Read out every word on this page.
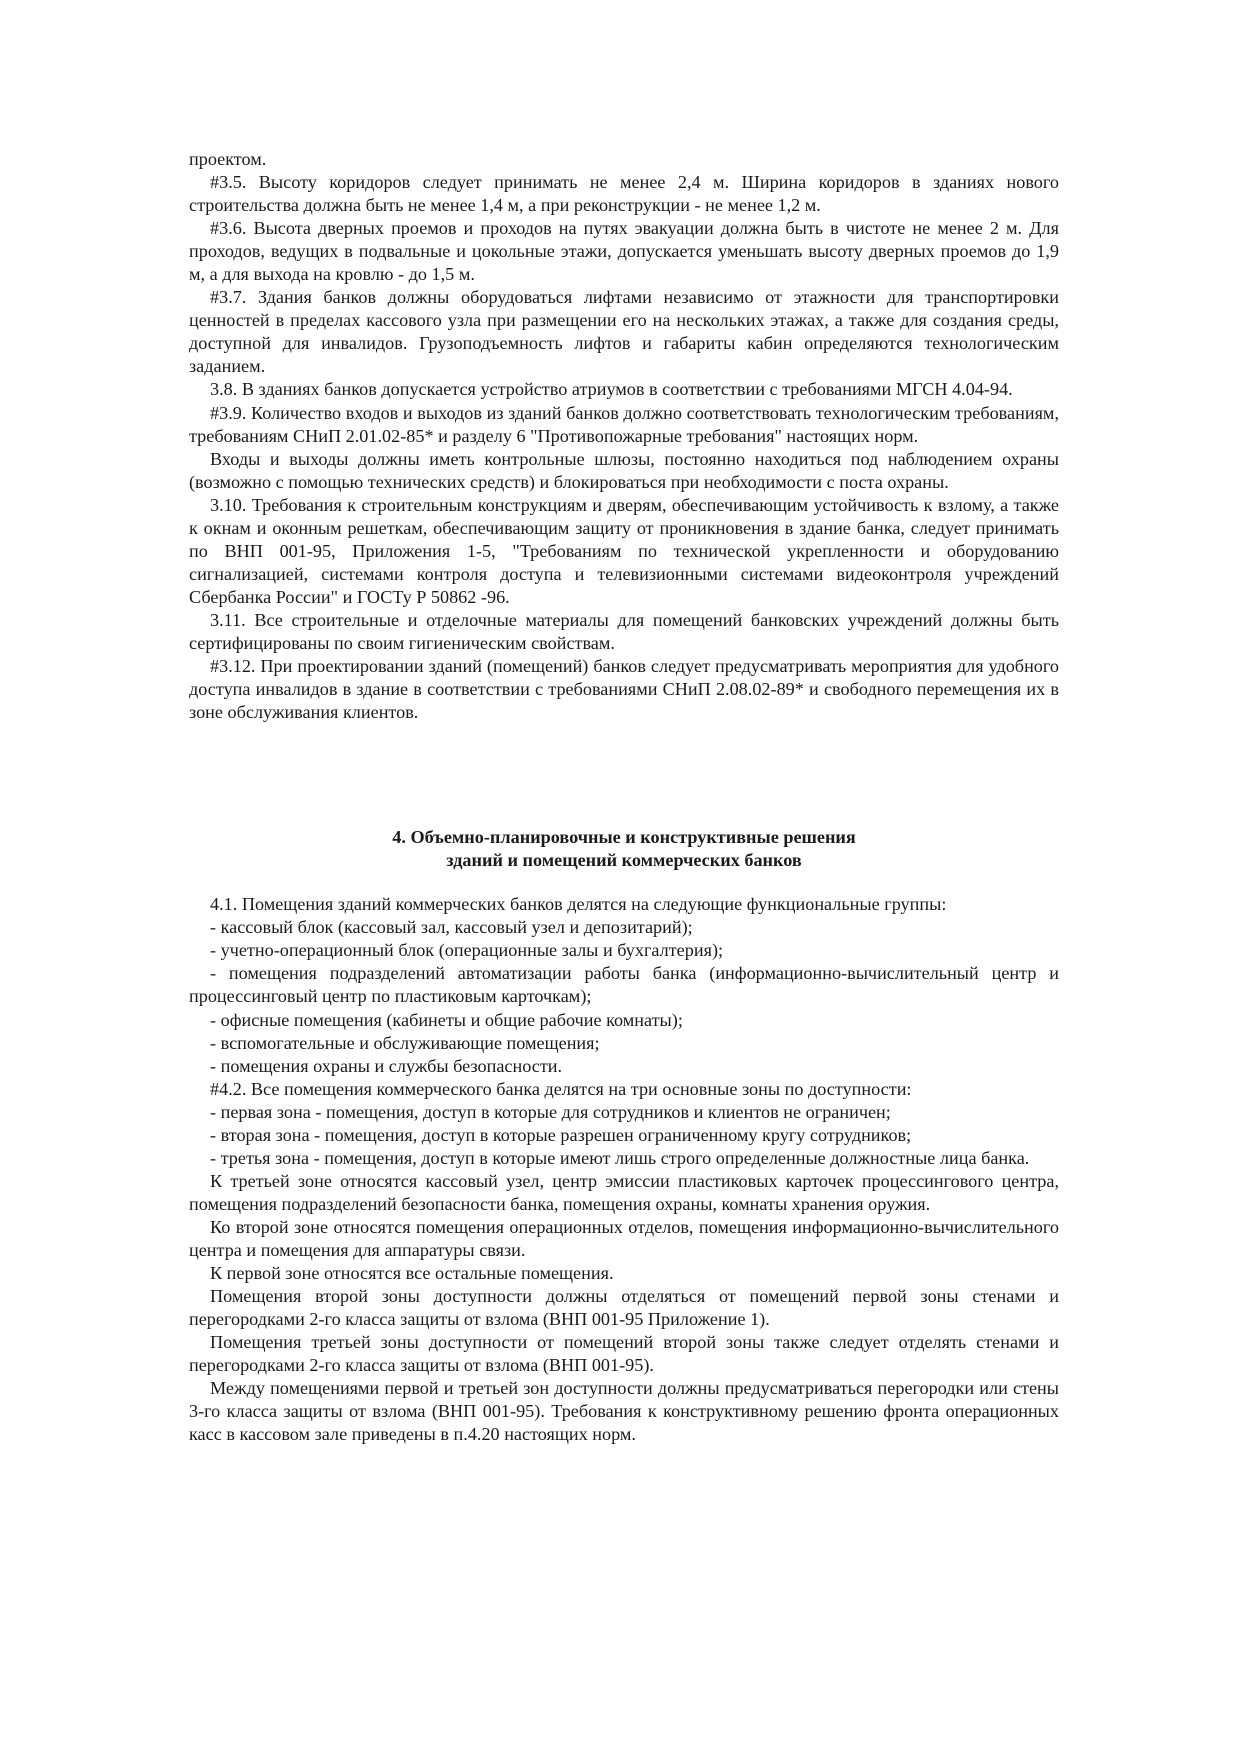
проектом.

#3.5. Высоту коридоров следует принимать не менее 2,4 м. Ширина коридоров в зданиях нового строительства должна быть не менее 1,4 м, а при реконструкции - не менее 1,2 м.

#3.6. Высота дверных проемов и проходов на путях эвакуации должна быть в чистоте не менее 2 м. Для проходов, ведущих в подвальные и цокольные этажи, допускается уменьшать высоту дверных проемов до 1,9 м, а для выхода на кровлю - до 1,5 м.

#3.7. Здания банков должны оборудоваться лифтами независимо от этажности для транспортировки ценностей в пределах кассового узла при размещении его на нескольких этажах, а также для создания среды, доступной для инвалидов. Грузоподъемность лифтов и габариты кабин определяются технологическим заданием.

3.8. В зданиях банков допускается устройство атриумов в соответствии с требованиями МГСН 4.04-94.

#3.9. Количество входов и выходов из зданий банков должно соответствовать технологическим требованиям, требованиям СНиП 2.01.02-85* и разделу 6 "Противопожарные требования" настоящих норм.

Входы и выходы должны иметь контрольные шлюзы, постоянно находиться под наблюдением охраны (возможно с помощью технических средств) и блокироваться при необходимости с поста охраны.

3.10. Требования к строительным конструкциям и дверям, обеспечивающим устойчивость к взлому, а также к окнам и оконным решеткам, обеспечивающим защиту от проникновения в здание банка, следует принимать по ВНП 001-95, Приложения 1-5, "Требованиям по технической укрепленности и оборудованию сигнализацией, системами контроля доступа и телевизионными системами видеоконтроля учреждений Сбербанка России" и ГОСТу Р 50862 -96.

3.11. Все строительные и отделочные материалы для помещений банковских учреждений должны быть сертифицированы по своим гигиеническим свойствам.

#3.12. При проектировании зданий (помещений) банков следует предусматривать мероприятия для удобного доступа инвалидов в здание в соответствии с требованиями СНиП 2.08.02-89* и свободного перемещения их в зоне обслуживания клиентов.

4. Объемно-планировочные и конструктивные решения
зданий и помещений коммерческих банков

4.1. Помещения зданий коммерческих банков делятся на следующие функциональные группы:

- кассовый блок (кассовый зал, кассовый узел и депозитарий);

- учетно-операционный блок (операционные залы и бухгалтерия);

- помещения подразделений автоматизации работы банка (информационно-вычислительный центр и процессинговый центр по пластиковым карточкам);

- офисные помещения (кабинеты и общие рабочие комнаты);

- вспомогательные и обслуживающие помещения;

- помещения охраны и службы безопасности.

#4.2. Все помещения коммерческого банка делятся на три основные зоны по доступности:

- первая зона - помещения, доступ в которые для сотрудников и клиентов не ограничен;

- вторая зона - помещения, доступ в которые разрешен ограниченному кругу сотрудников;

- третья зона - помещения, доступ в которые имеют лишь строго определенные должностные лица банка.

К третьей зоне относятся кассовый узел, центр эмиссии пластиковых карточек процессингового центра, помещения подразделений безопасности банка, помещения охраны, комнаты хранения оружия.

Ко второй зоне относятся помещения операционных отделов, помещения информационно-вычислительного центра и помещения для аппаратуры связи.

К первой зоне относятся все остальные помещения.

Помещения второй зоны доступности должны отделяться от помещений первой зоны стенами и перегородками 2-го класса защиты от взлома (ВНП 001-95 Приложение 1).

Помещения третьей зоны доступности от помещений второй зоны также следует отделять стенами и перегородками 2-го класса защиты от взлома (ВНП 001-95).

Между помещениями первой и третьей зон доступности должны предусматриваться перегородки или стены 3-го класса защиты от взлома (ВНП 001-95). Требования к конструктивному решению фронта операционных касс в кассовом зале приведены в п.4.20 настоящих норм.
